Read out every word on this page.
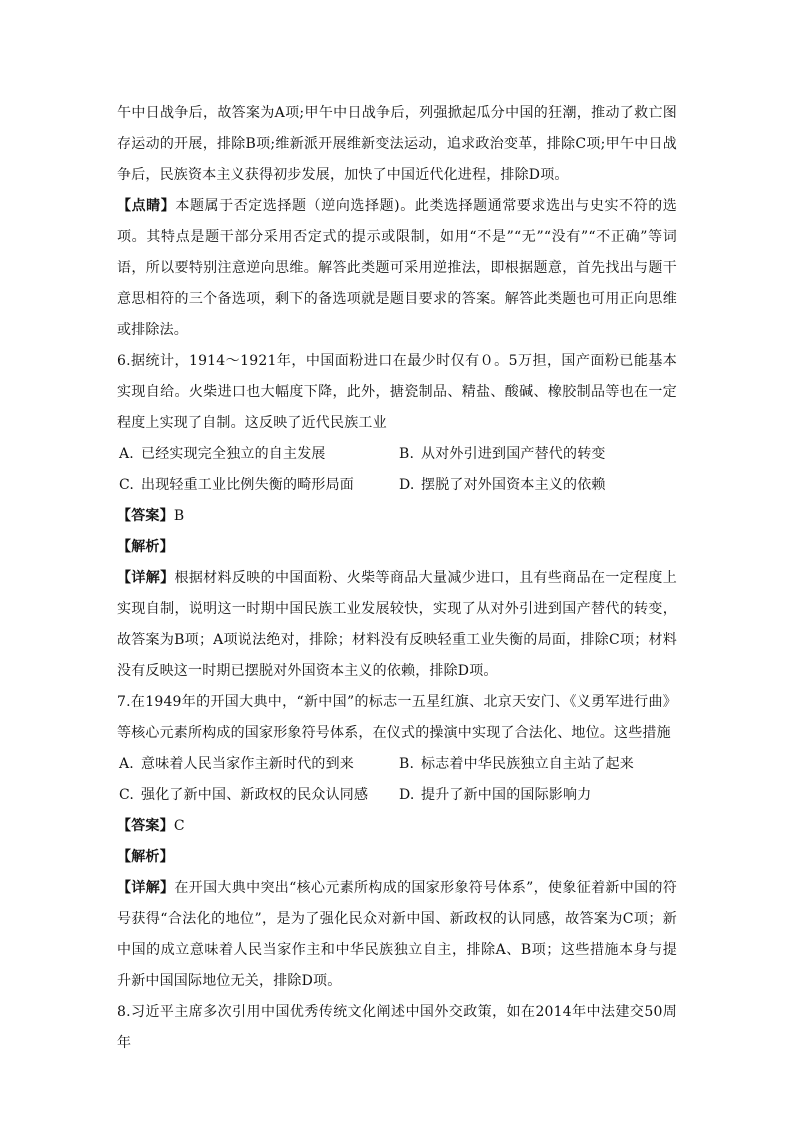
午中日战争后，故答案为A项;甲午中日战争后，列强掀起瓜分中国的狂潮，推动了救亡图存运动的开展，排除B项;维新派开展维新变法运动，追求政治变革，排除C项;甲午中日战争后，民族资本主义获得初步发展，加快了中国近代化进程，排除D项。

【点睛】本题属于否定选择题（逆向选择题)。此类选择题通常要求选出与史实不符的选项。其特点是题干部分采用否定式的提示或限制，如用“不是”“无”“没有”“不正确”等词语，所以要特别注意逆向思维。解答此类题可采用逆推法，即根据题意，首先找出与题干意思相符的三个备选项，剩下的备选项就是题目要求的答案。解答此类题也可用正向思维或排除法。

6.据统计，1914～1921年，中国面粉进口在最少时仅有０。5万担，国产面粉已能基本实现自给。火柴进口也大幅度下降，此外，搪瓷制品、精盐、酸碱、橡胶制品等也在一定程度上实现了自制。这反映了近代民族工业

A. 已经实现完全独立的自主发展	B. 从对外引进到国产替代的转变
C. 出现轻重工业比例失衡的畸形局面	D. 摆脱了对外国资本主义的依赖

【答案】B

【解析】

【详解】根据材料反映的中国面粉、火柴等商品大量减少进口，且有些商品在一定程度上实现自制，说明这一时期中国民族工业发展较快，实现了从对外引进到国产替代的转变，故答案为B项；A项说法绝对，排除；材料没有反映轻重工业失衡的局面，排除C项；材料没有反映这一时期已摆脱对外国资本主义的依赖，排除D项。

7.在1949年的开国大典中，“新中国”的标志一五星红旗、北京天安门、《义勇军进行曲》等核心元素所构成的国家形象符号体系，在仪式的操演中实现了合法化、地位。这些措施

A. 意味着人民当家作主新时代的到来	B. 标志着中华民族独立自主站了起来
C. 强化了新中国、新政权的民众认同感	D. 提升了新中国的国际影响力

【答案】C

【解析】

【详解】在开国大典中突出“核心元素所构成的国家形象符号体系”，使象征着新中国的符号获得“合法化的地位”，是为了强化民众对新中国、新政权的认同感，故答案为C项；新中国的成立意味着人民当家作主和中华民族独立自主，排除A、B项；这些措施本身与提升新中国国际地位无关，排除D项。

8.习近平主席多次引用中国优秀传统文化阐述中国外交政策，如在2014年中法建交50周年
